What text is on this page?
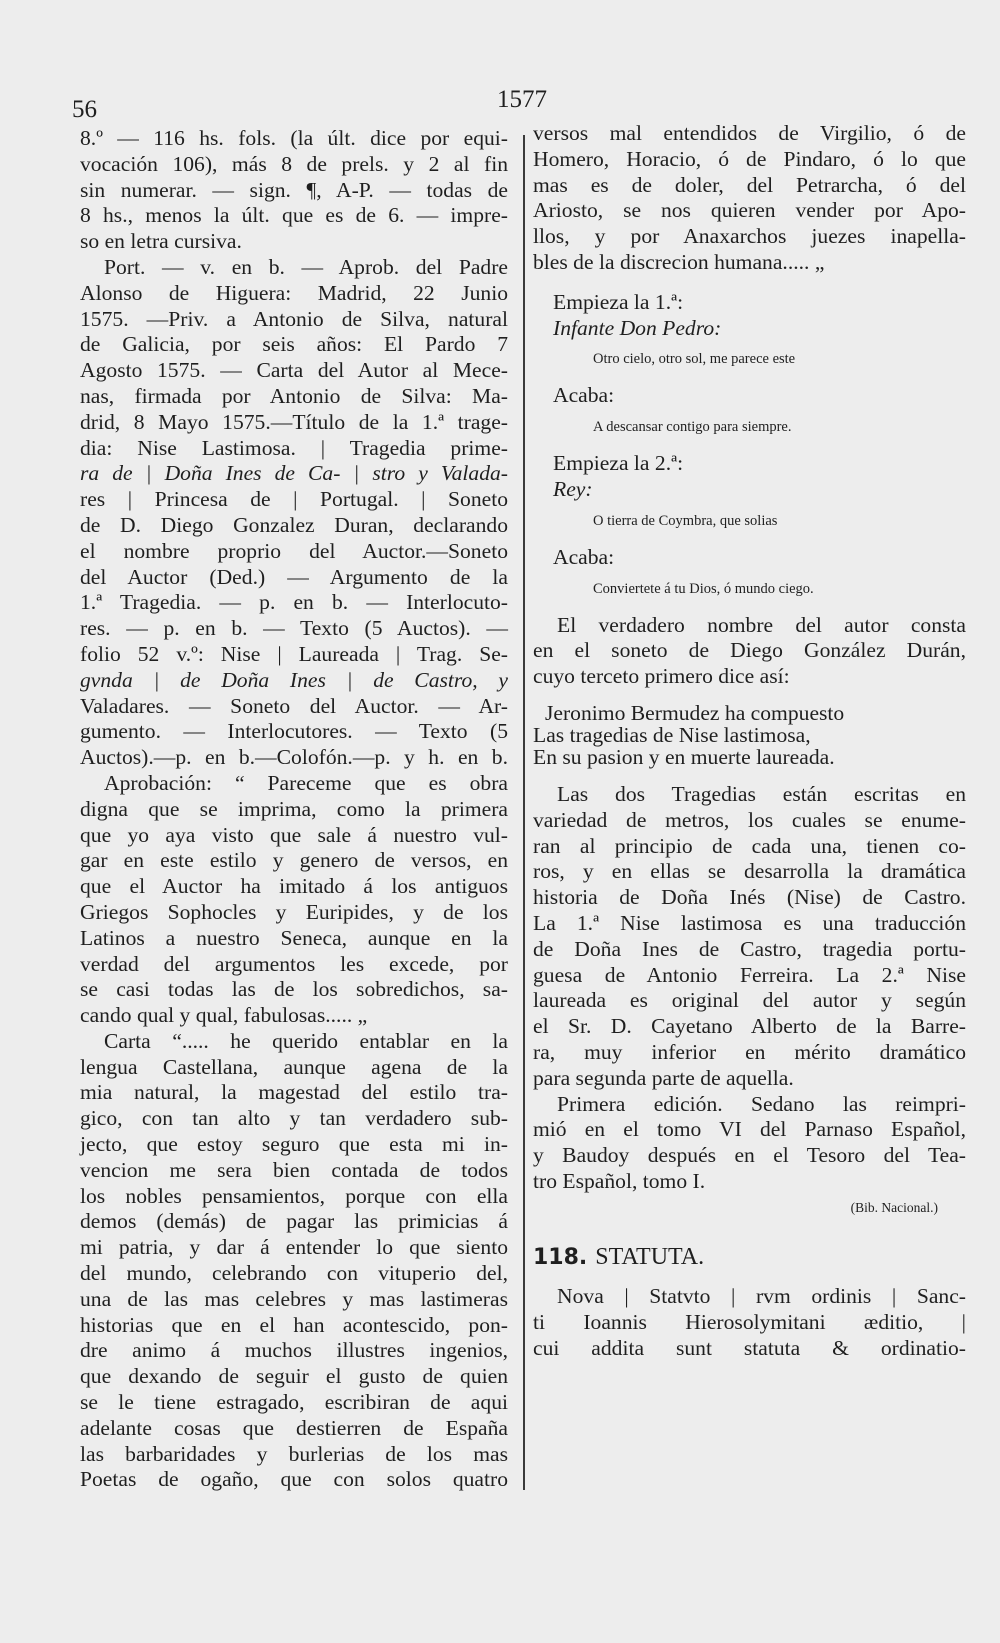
56	1577

8.º — 116 hs. fols. (la últ. dice por equi-

vocación 106), más 8 de prels. y 2 al fin

sin numerar. — sign. ¶, A-P. — todas de

8 hs., menos la últ. que es de 6. — impre-

so en letra cursiva.

Port. — v. en b. — Aprob. del Padre

Alonso de Higuera: Madrid, 22 Junio

1575. —Priv. a Antonio de Silva, natural

de Galicia, por seis años: El Pardo 7

Agosto 1575. — Carta del Autor al Mece-

nas, firmada por Antonio de Silva: Ma-

drid, 8 Mayo 1575.—Título de la 1.ª trage-

dia: Nise Lastimosa. | Tragedia prime-

ra de | Doña Ines de Ca- | stro y Valada-

res | Princesa de | Portugal. | Soneto

de D. Diego Gonzalez Duran, declarando

el nombre proprio del Auctor.—Soneto

del Auctor (Ded.) — Argumento de la

1.ª Tragedia. — p. en b. — Interlocuto-

res. — p. en b. — Texto (5 Auctos). —

folio 52 v.º: Nise | Laureada | Trag. Se-

gvnda | de Doña Ines | de Castro, y

Valadares. — Soneto del Auctor. — Ar-

gumento. — Interlocutores. — Texto (5

Auctos).—p. en b.—Colofón.—p. y h. en b.

Aprobación: “ Pareceme que es obra

digna que se imprima, como la primera

que yo aya visto que sale á nuestro vul-

gar en este estilo y genero de versos, en

que el Auctor ha imitado á los antiguos

Griegos Sophocles y Euripides, y de los

Latinos a nuestro Seneca, aunque en la

verdad del argumentos les excede, por

se casi todas las de los sobredichos, sa-

cando qual y qual, fabulosas..... „

Carta “..... he querido entablar en la

lengua Castellana, aunque agena de la

mia natural, la magestad del estilo tra-

gico, con tan alto y tan verdadero sub-

jecto, que estoy seguro que esta mi in-

vencion me sera bien contada de todos

los nobles pensamientos, porque con ella

demos (demás) de pagar las primicias á

mi patria, y dar á entender lo que siento

del mundo, celebrando con vituperio del,

una de las mas celebres y mas lastimeras

historias que en el han acontescido, pon-

dre animo á muchos illustres ingenios,

que dexando de seguir el gusto de quien

se le tiene estragado, escribiran de aqui

adelante cosas que destierren de España

las barbaridades y burlerias de los mas

Poetas de ogaño, que con solos quatro

versos mal entendidos de Virgilio, ó de

Homero, Horacio, ó de Pindaro, ó lo que

mas es de doler, del Petrarcha, ó del

Ariosto, se nos quieren vender por Apo-

llos, y por Anaxarchos juezes inapella-

bles de la discrecion humana..... „

Empieza la 1.ª:

Infante Don Pedro:

Otro cielo, otro sol, me parece este

Acaba:

A descansar contigo para siempre.

Empieza la 2.ª:

Rey:

O tierra de Coymbra, que solias

Acaba:

Conviertete á tu Dios, ó mundo ciego.

El verdadero nombre del autor consta

en el soneto de Diego González Durán,

cuyo terceto primero dice así:

Jeronimo Bermudez ha compuesto
Las tragedias de Nise lastimosa,
En su pasion y en muerte laureada.

Las dos Tragedias están escritas en

variedad de metros, los cuales se enume-

ran al principio de cada una, tienen co-

ros, y en ellas se desarrolla la dramática

historia de Doña Inés (Nise) de Castro.

La 1.ª Nise lastimosa es una traducción

de Doña Ines de Castro, tragedia portu-

guesa de Antonio Ferreira. La 2.ª Nise

laureada es original del autor y según

el Sr. D. Cayetano Alberto de la Barre-

ra, muy inferior en mérito dramático

para segunda parte de aquella.

Primera edición. Sedano las reimpri-

mió en el tomo VI del Parnaso Español,

y Baudoy después en el Tesoro del Tea-

tro Español, tomo I.

(Bib. Nacional.)

118. STATUTA.

Nova | Statvto | rvm ordinis | Sanc-

ti Ioannis Hierosolymitani æditio, |

cui addita sunt statuta & ordinatio-
